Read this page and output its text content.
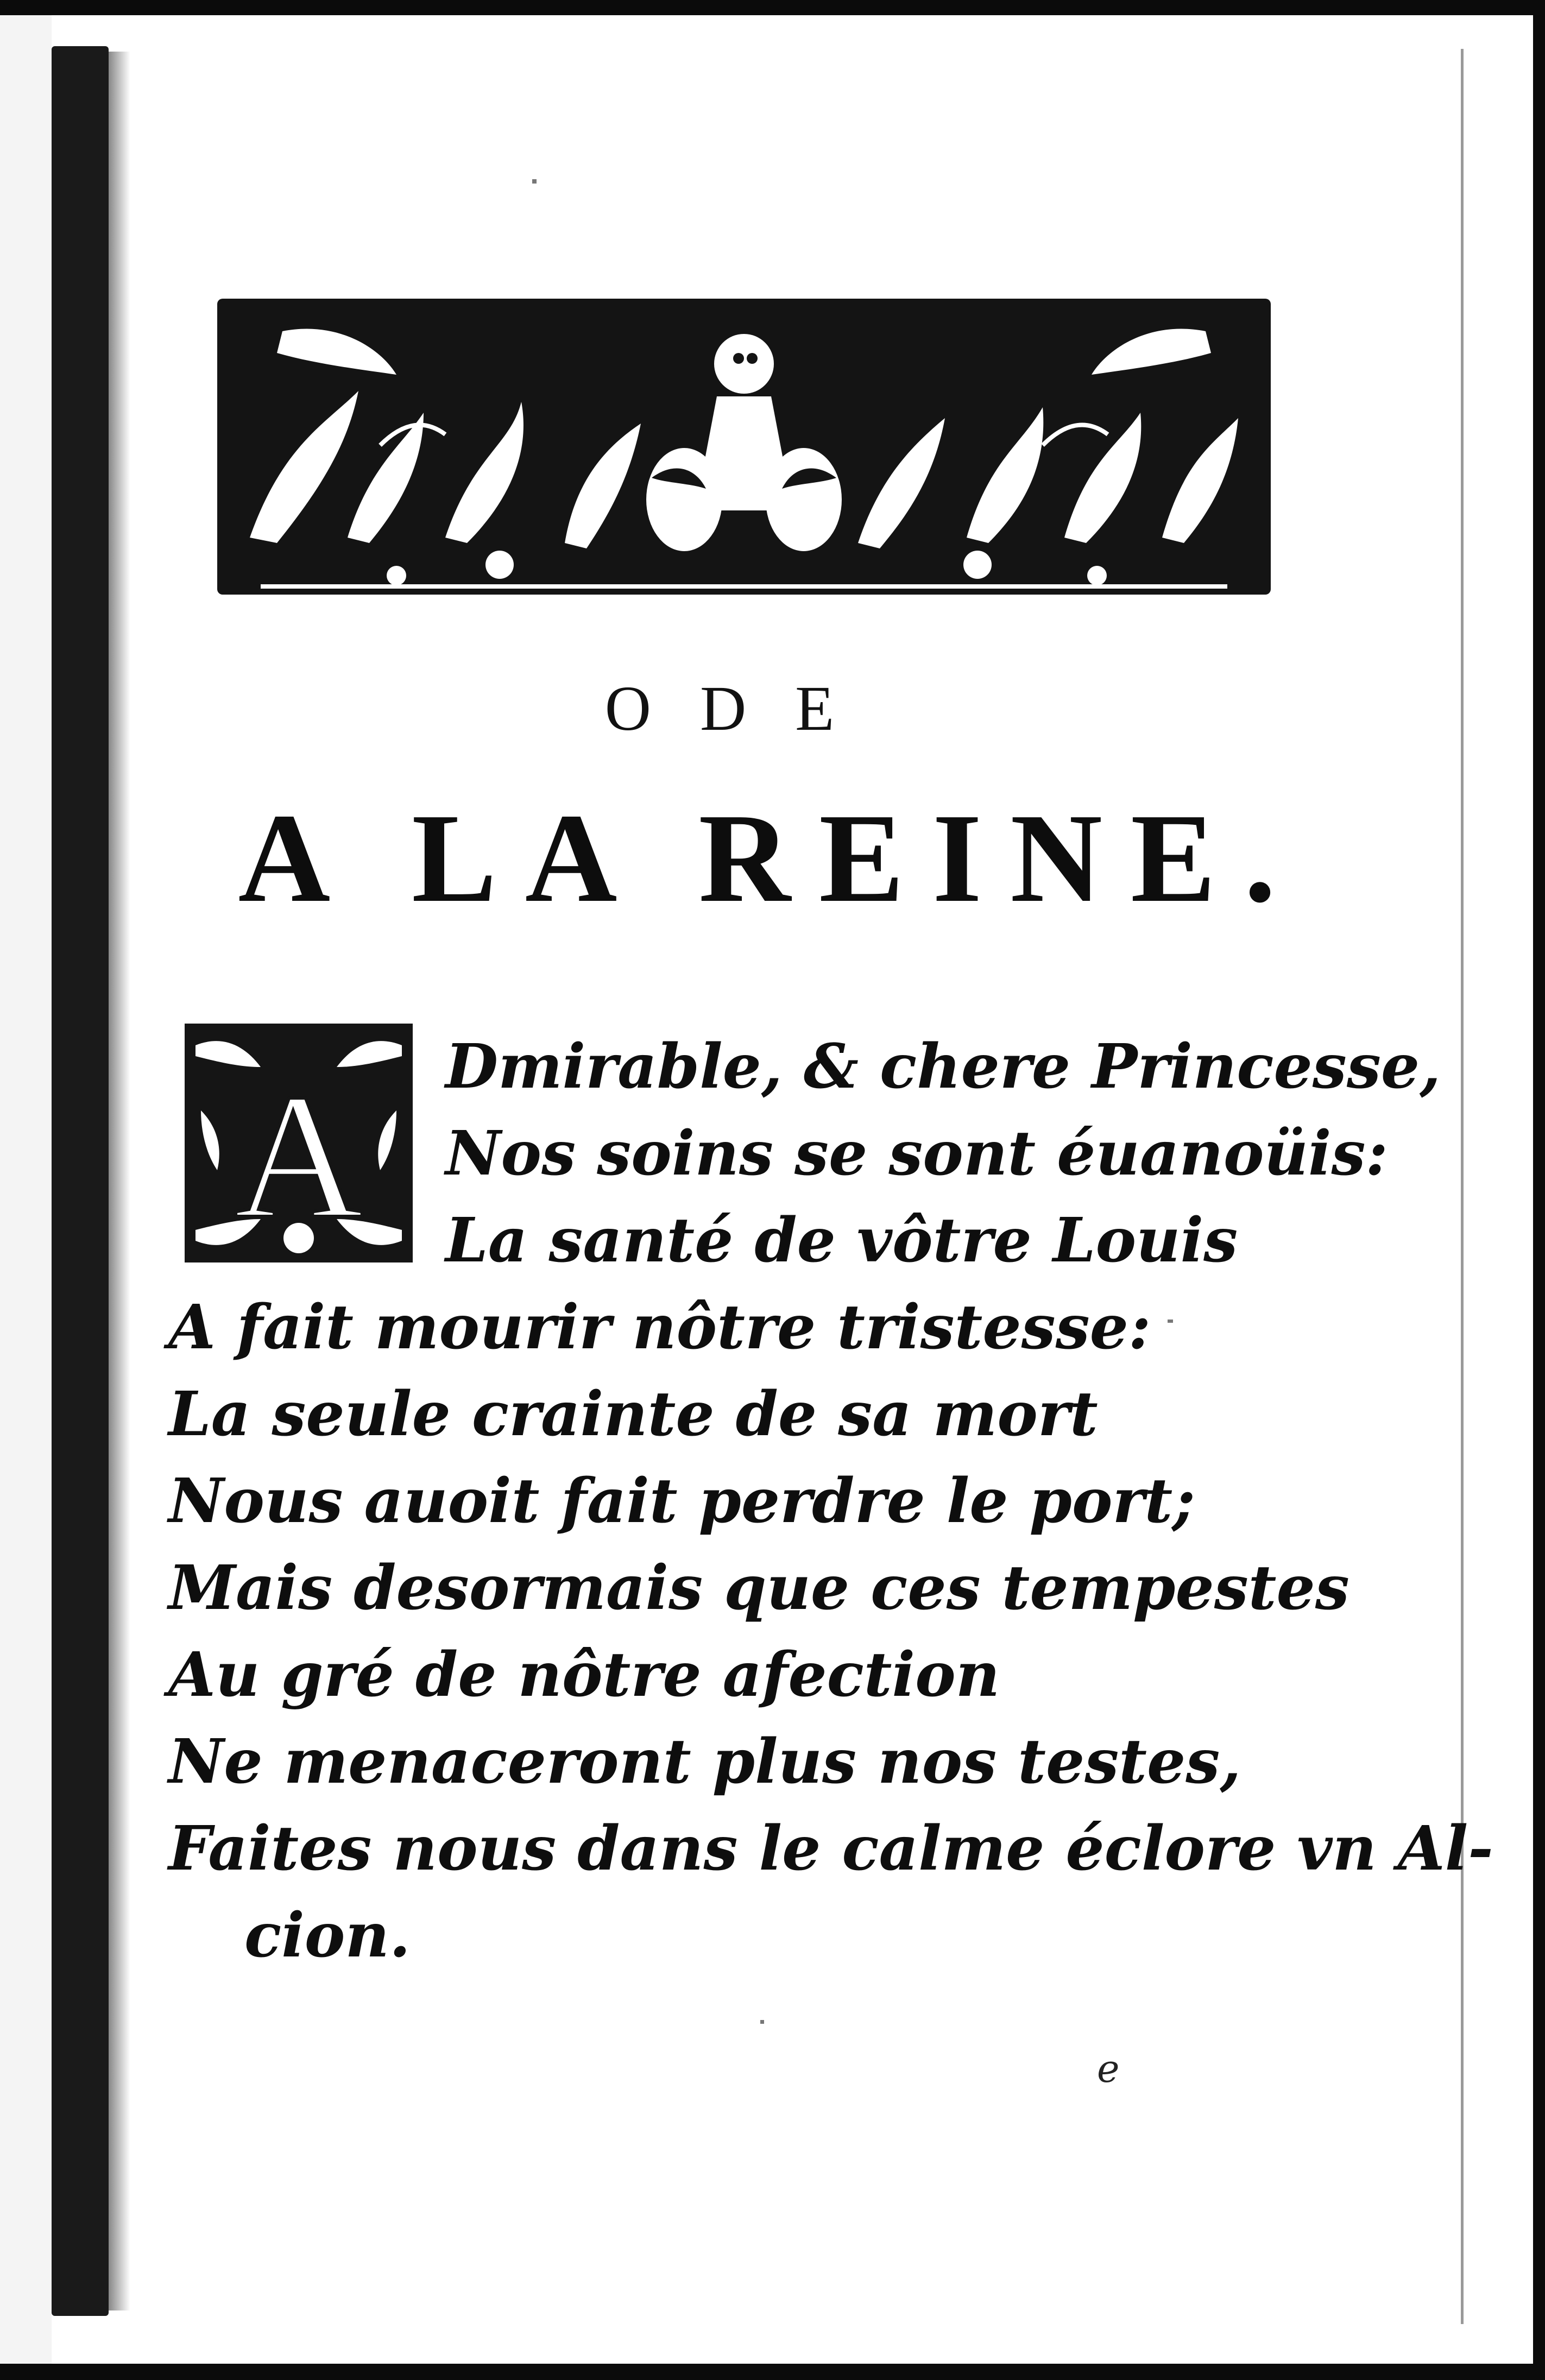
ODE
A LA REINE.
A Dmirable, & chere Princesse,
Nos soins se sont éuanoüis:
La santé de vôtre Louis
A fait mourir nôtre tristesse:
La seule crainte de sa mort
Nous auoit fait perdre le port;
Mais desormais que ces tempestes
Au gré de nôtre afection
Ne menaceront plus nos testes,
Faites nous dans le calme éclore vn Al-
cion.
e
